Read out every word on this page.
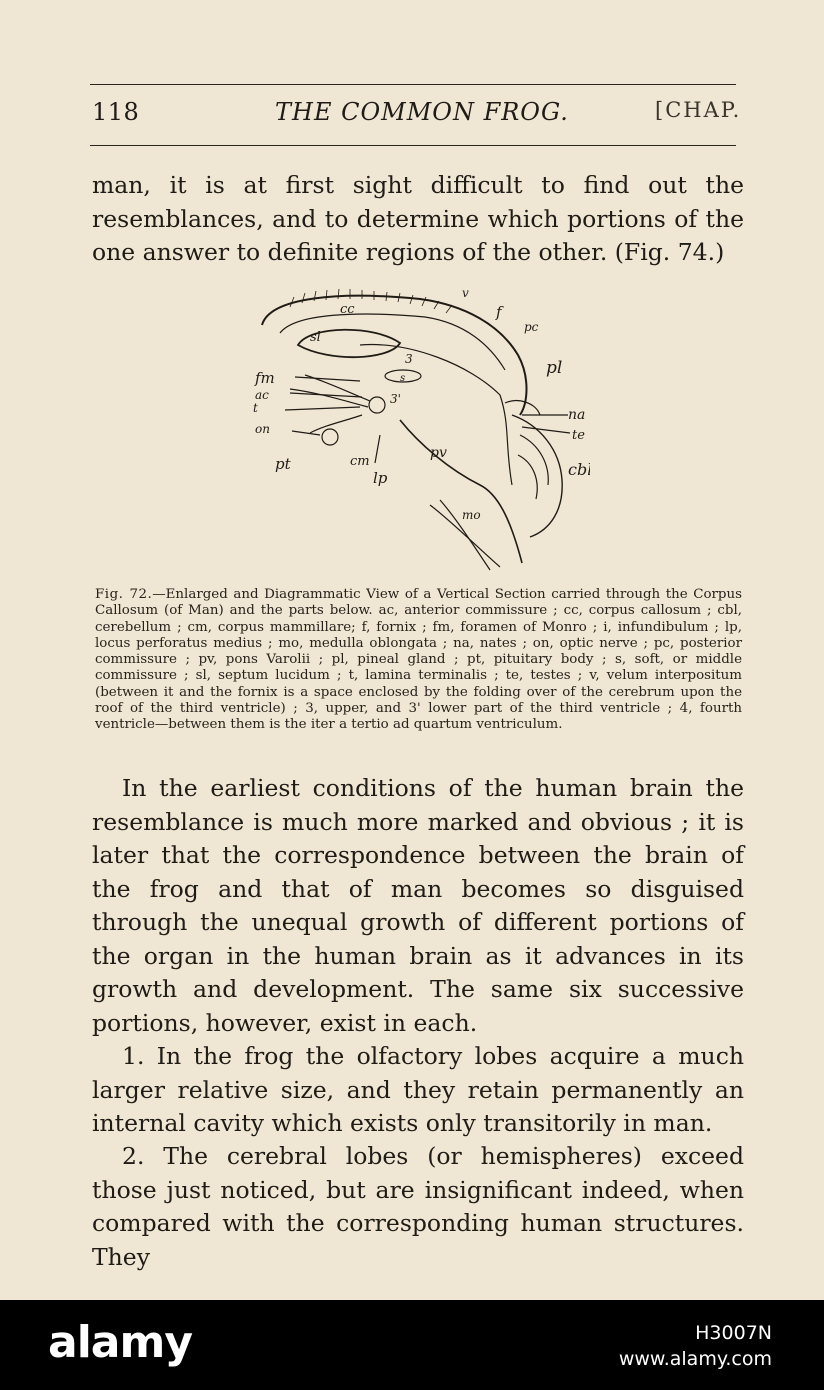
118	THE COMMON FROG.	[CHAP.

man, it is at first sight difficult to find out the resemblances, and to determine which portions of the one answer to definite regions of the other. (Fig. 74.)

v
cc	f
pc
sl
3
s
3'
pl
fm
ac
t
on
na
te
pt	cm
pv
lp	cbl
mo

Fig. 72.—Enlarged and Diagrammatic View of a Vertical Section carried through the Corpus Callosum (of Man) and the parts below. ac, anterior commissure ; cc, corpus callosum ; cbl, cerebellum ; cm, corpus mammillare; f, fornix ; fm, foramen of Monro ; i, infundibulum ; lp, locus perforatus medius ; mo, medulla oblongata ; na, nates ; on, optic nerve ; pc, posterior commissure ; pv, pons Varolii ; pl, pineal gland ; pt, pituitary body ; s, soft, or middle commissure ; sl, septum lucidum ; t, lamina terminalis ; te, testes ; v, velum interpositum (between it and the fornix is a space enclosed by the folding over of the cerebrum upon the roof of the third ventricle) ; 3, upper, and 3' lower part of the third ventricle ; 4, fourth ventricle—between them is the iter a tertio ad quartum ventriculum.

In the earliest conditions of the human brain the resemblance is much more marked and obvious ; it is later that the correspondence between the brain of the frog and that of man becomes so disguised through the unequal growth of different portions of the organ in the human brain as it advances in its growth and development. The same six successive portions, however, exist in each.

1. In the frog the olfactory lobes acquire a much larger relative size, and they retain permanently an internal cavity which exists only transitorily in man.

2. The cerebral lobes (or hemispheres) exceed those just noticed, but are insignificant indeed, when compared with the corresponding human structures. They

alamy	H3007N
www.alamy.com
